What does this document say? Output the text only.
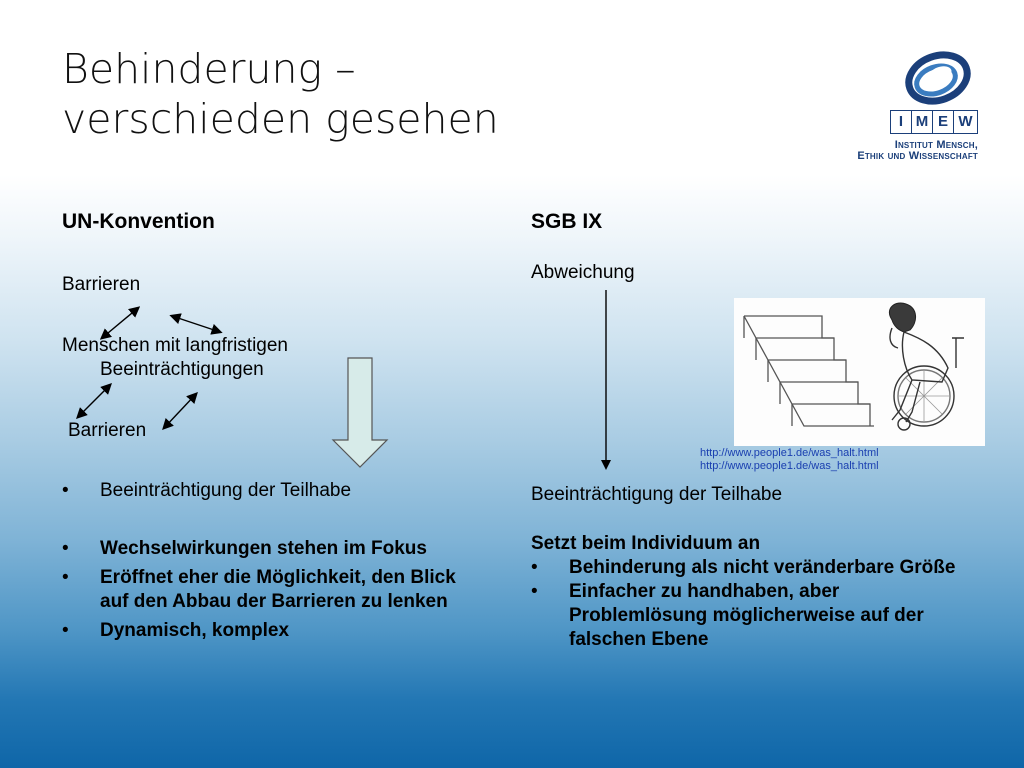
Behinderung –
verschieden gesehen	I M E W
Institut Mensch,
Ethik und Wissenschaft
UN-Konvention
Barrieren
Menschen mit langfristigen
Beeinträchtigungen
Barrieren
•	Beeinträchtigung der Teilhabe
•	Wechselwirkungen stehen im Fokus
•	Eröffnet eher die Möglichkeit, den Blick auf den Abbau der Barrieren zu lenken
•	Dynamisch, komplex
SGB IX
Abweichung
http://www.people1.de/was_halt.html
http://www.people1.de/was_halt.html
Beeinträchtigung der Teilhabe
Setzt beim Individuum an
•	Behinderung als nicht veränderbare Größe
•	Einfacher zu handhaben, aber Problemlösung möglicherweise auf der falschen Ebene
